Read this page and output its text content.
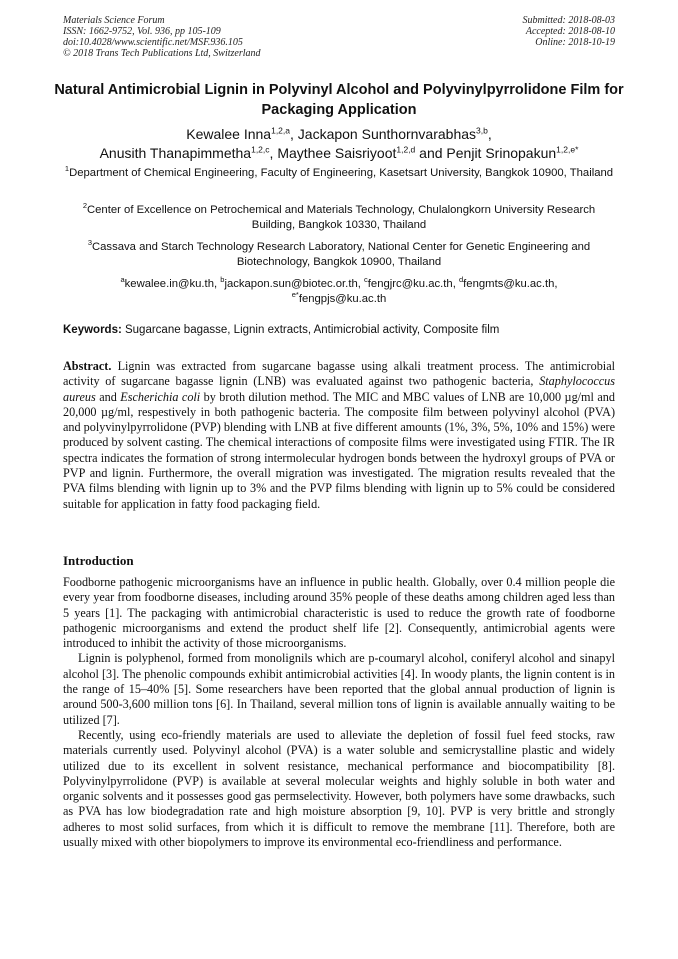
Materials Science Forum
ISSN: 1662-9752, Vol. 936, pp 105-109
doi:10.4028/www.scientific.net/MSF.936.105
© 2018 Trans Tech Publications Ltd, Switzerland
Submitted: 2018-08-03
Accepted: 2018-08-10
Online: 2018-10-19
Natural Antimicrobial Lignin in Polyvinyl Alcohol and Polyvinylpyrrolidone Film for Packaging Application
Kewalee Inna$^{1,2,a}$, Jackapon Sunthornvarabhas$^{3,b}$,
Anusith Thanapimmetha$^{1,2,c}$, Maythee Saisriyoot$^{1,2,d}$ and Penjit Srinopakun$^{1,2,e*}$
$^1$Department of Chemical Engineering, Faculty of Engineering, Kasetsart University, Bangkok 10900, Thailand
$^2$Center of Excellence on Petrochemical and Materials Technology, Chulalongkorn University Research Building, Bangkok 10330, Thailand
$^3$Cassava and Starch Technology Research Laboratory, National Center for Genetic Engineering and Biotechnology, Bangkok 10900, Thailand
$^a$kewalee.in@ku.th, $^b$jackapon.sun@biotec.or.th, $^c$fengjrc@ku.ac.th, $^d$fengmts@ku.ac.th,
$^{e*}$fengpjs@ku.ac.th
Keywords: Sugarcane bagasse, Lignin extracts, Antimicrobial activity, Composite film

Abstract. Lignin was extracted from sugarcane bagasse using alkali treatment process. The antimicrobial activity of sugarcane bagasse lignin (LNB) was evaluated against two pathogenic bacteria, Staphylococcus aureus and Escherichia coli by broth dilution method. The MIC and MBC values of LNB are 10,000 µg/ml and 20,000 µg/ml, respestively in both pathogenic bacteria. The composite film between polyvinyl alcohol (PVA) and polyvinylpyrrolidone (PVP) blending with LNB at five different amounts (1%, 3%, 5%, 10% and 15%) were produced by solvent casting. The chemical interactions of composite films were investigated using FTIR. The IR spectra indicates the formation of strong intermolecular hydrogen bonds between the hydroxyl groups of PVA or PVP and lignin. Furthermore, the overall migration was investigated. The migration results revealed that the PVA films blending with lignin up to 3% and the PVP films blending with lignin up to 5% could be considered suitable for application in fatty food packaging field.

Introduction

Foodborne pathogenic microorganisms have an influence in public health. Globally, over 0.4 million people die every year from foodborne diseases, including around 35% people of these deaths among children aged less than 5 years [1]. The packaging with antimicrobial characteristic is used to reduce the growth rate of foodborne pathogenic microorganisms and extend the product shelf life [2]. Consequently, antimicrobial agents were introduced to inhibit the activity of those microorganisms.

Lignin is polyphenol, formed from monolignils which are p-coumaryl alcohol, coniferyl alcohol and sinapyl alcohol [3]. The phenolic compounds exhibit antimicrobial activities [4]. In woody plants, the lignin content is in the range of 15–40% [5]. Some researchers have been reported that the global annual production of lignin is around 500-3,600 million tons [6]. In Thailand, several million tons of lignin is available annually waiting to be utilized [7].

Recently, using eco-friendly materials are used to alleviate the depletion of fossil fuel feed stocks, raw materials currently used. Polyvinyl alcohol (PVA) is a water soluble and semicrystalline plastic and widely utilized due to its excellent in solvent resistance, mechanical performance and biocompatibility [8]. Polyvinylpyrrolidone (PVP) is available at several molecular weights and highly soluble in both water and organic solvents and it possesses good gas permselectivity. However, both polymers have some drawbacks, such as PVA has low biodegradation rate and high moisture absorption [9, 10]. PVP is very brittle and strongly adheres to most solid surfaces, from which it is difficult to remove the membrane [11]. Therefore, both are usually mixed with other biopolymers to improve its environmental eco-friendliness and performance.
